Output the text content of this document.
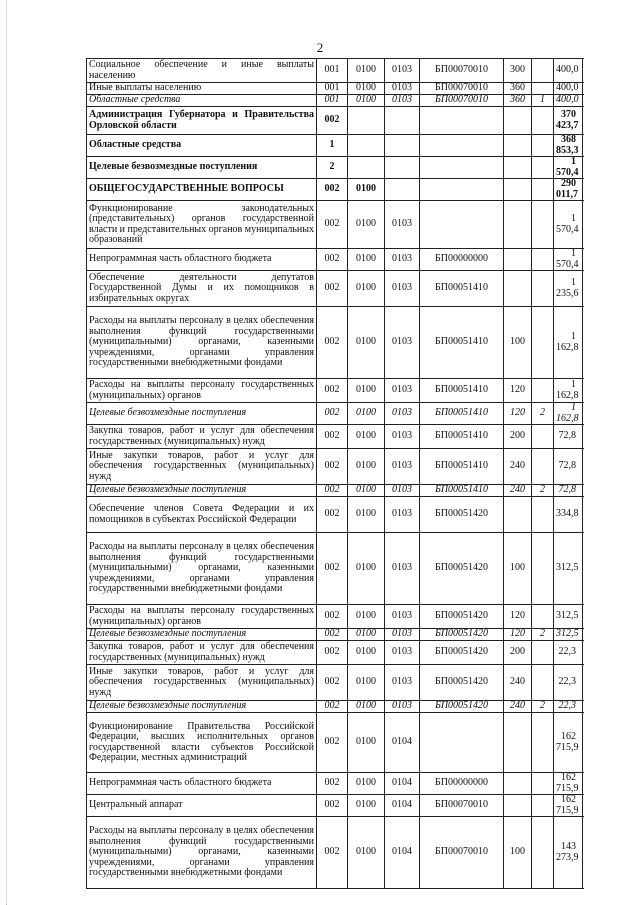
2
Социальное обеспечение и иные выплаты населению	001	0100	0103	БП00070010	300		400,0
Иные выплаты населению	001	0100	0103	БП00070010	360		400,0
Областные средства	001	0100	0103	БП00070010	360	1	400,0
Администрация Губернатора и Правительства Орловской области	002						370 423,7
Областные средства	1						368 853,3
Целевые безвозмездные поступления	2						1 570,4
ОБЩЕГОСУДАРСТВЕННЫЕ ВОПРОСЫ	002	0100					290 011,7
Функционирование законодательных (представительных) органов государственной власти и представительных органов муниципальных образований	002	0100	0103				1 570,4
Непрограммная часть областного бюджета	002	0100	0103	БП00000000			1 570,4
Обеспечение деятельности депутатов Государственной Думы и их помощников в избирательных округах	002	0100	0103	БП00051410			1 235,6
Расходы на выплаты персоналу в целях обеспечения выполнения функций государственными (муниципальными) органами, казенными учреждениями, органами управления государственными внебюджетными фондами	002	0100	0103	БП00051410	100		1 162,8
Расходы на выплаты персоналу государственных (муниципальных) органов	002	0100	0103	БП00051410	120		1 162,8
Целевые безвозмездные поступления	002	0100	0103	БП00051410	120	2	1 162,8
Закупка товаров, работ и услуг для обеспечения государственных (муниципальных) нужд	002	0100	0103	БП00051410	200		72,8
Иные закупки товаров, работ и услуг для обеспечения государственных (муниципальных) нужд	002	0100	0103	БП00051410	240		72,8
Целевые безвозмездные поступления	002	0100	0103	БП00051410	240	2	72,8
Обеспечение членов Совета Федерации и их помощников в субъектах Российской Федерации	002	0100	0103	БП00051420			334,8
Расходы на выплаты персоналу в целях обеспечения выполнения функций государственными (муниципальными) органами, казенными учреждениями, органами управления государственными внебюджетными фондами	002	0100	0103	БП00051420	100		312,5
Расходы на выплаты персоналу государственных (муниципальных) органов	002	0100	0103	БП00051420	120		312,5
Целевые безвозмездные поступления	002	0100	0103	БП00051420	120	2	312,5
Закупка товаров, работ и услуг для обеспечения государственных (муниципальных) нужд	002	0100	0103	БП00051420	200		22,3
Иные закупки товаров, работ и услуг для обеспечения государственных (муниципальных) нужд	002	0100	0103	БП00051420	240		22,3
Целевые безвозмездные поступления	002	0100	0103	БП00051420	240	2	22,3
Функционирование Правительства Российской Федерации, высших исполнительных органов государственной власти субъектов Российской Федерации, местных администраций	002	0100	0104				162 715,9
Непрограммная часть областного бюджета	002	0100	0104	БП00000000			162 715,9
Центральный аппарат	002	0100	0104	БП00070010			162 715,9
Расходы на выплаты персоналу в целях обеспечения выполнения функций государственными (муниципальными) органами, казенными учреждениями, органами управления государственными внебюджетными фондами	002	0100	0104	БП00070010	100		143 273,9
